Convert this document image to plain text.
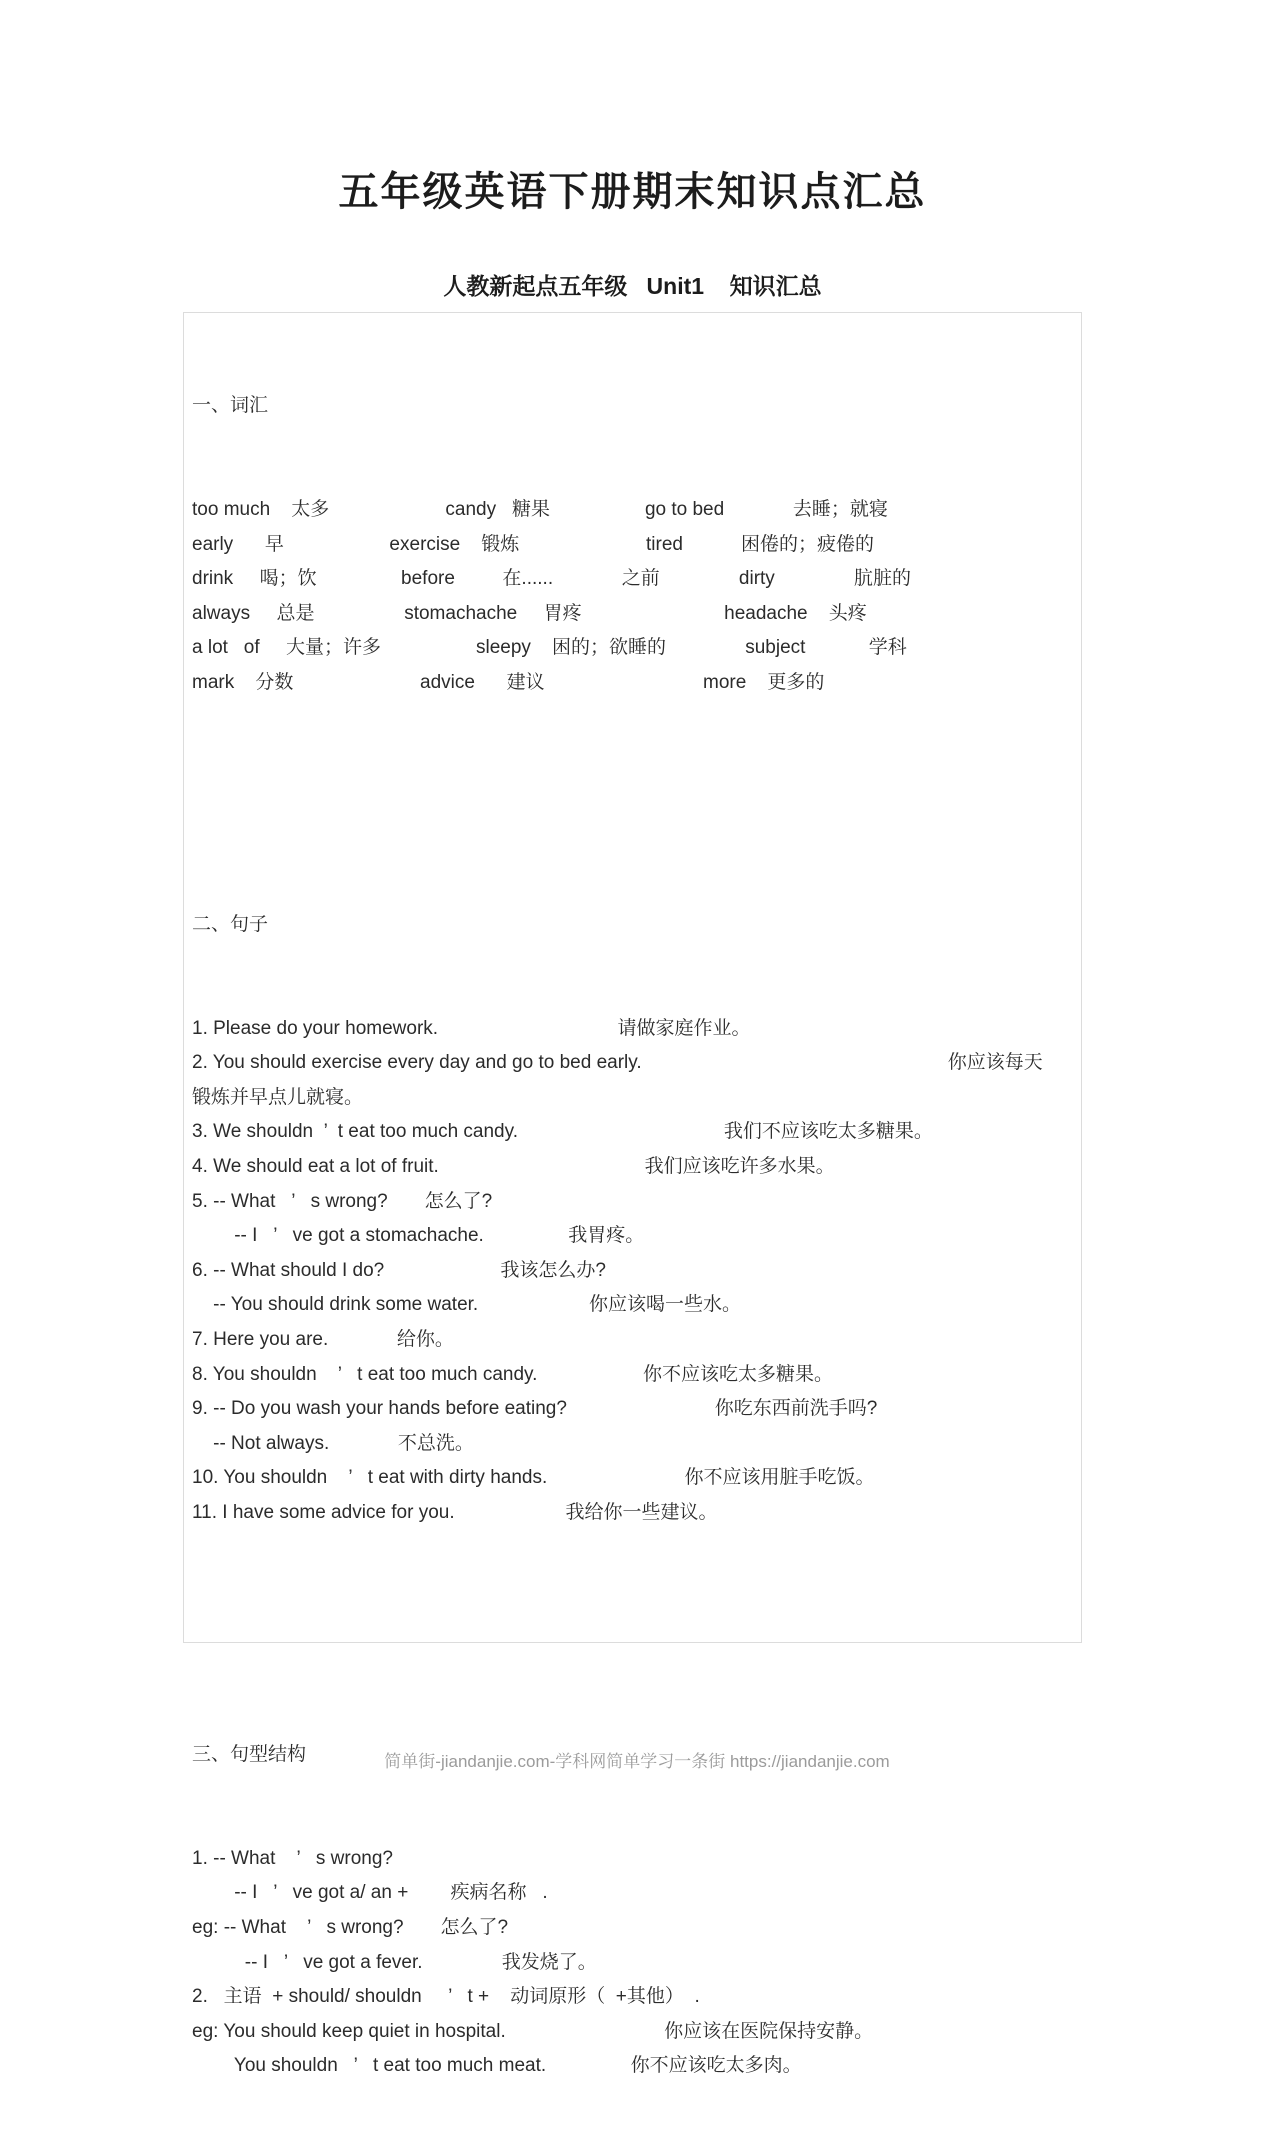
五年级英语下册期末知识点汇总
人教新起点五年级   Unit1    知识汇总

一、词汇

too much    太多                      candy   糖果                  go to bed             去睡；就寝
early      早                    exercise    锻炼                        tired           困倦的；疲倦的
drink     喝；饮                before         在......             之前               dirty               肮脏的
always     总是                 stomachache     胃疼                           headache    头疼
a lot   of     大量；许多                  sleepy    困的；欲睡的               subject            学科
mark    分数                        advice      建议                              more    更多的

二、句子

1. Please do your homework.                                  请做家庭作业。
2. You should exercise every day and go to bed early.                                                          你应该每天
锻炼并早点儿就寝。
3. We shouldn  ’  t eat too much candy.                                       我们不应该吃太多糖果。
4. We should eat a lot of fruit.                                       我们应该吃许多水果。
5. -- What   ’   s wrong?       怎么了?
-- I   ’   ve got a stomachache.                我胃疼。
6. -- What should I do?                      我该怎么办?
-- You should drink some water.                     你应该喝一些水。
7. Here you are.             给你。
8. You shouldn    ’   t eat too much candy.                    你不应该吃太多糖果。
9. -- Do you wash your hands before eating?                            你吃东西前洗手吗?
-- Not always.             不总洗。
10. You shouldn    ’   t eat with dirty hands.                          你不应该用脏手吃饭。
11. I have some advice for you.                     我给你一些建议。

三、句型结构

1. -- What    ’   s wrong?
-- I   ’   ve got a/ an +        疾病名称   .
eg: -- What    ’   s wrong?       怎么了?
-- I   ’   ve got a fever.               我发烧了。
2.   主语  + should/ shouldn     ’   t +    动词原形（  +其他）  .
eg: You should keep quiet in hospital.                              你应该在医院保持安静。
You shouldn   ’   t eat too much meat.                你不应该吃太多肉。

简单街-jiandanjie.com-学科网简单学习一条街 https://jiandanjie.com
